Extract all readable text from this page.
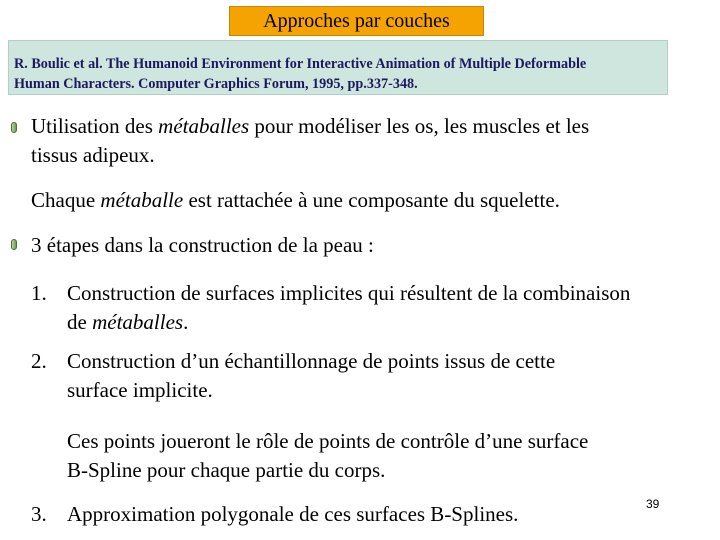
Approches par couches
R. Boulic et al. The Humanoid Environment for Interactive Animation of Multiple Deformable
Human Characters. Computer Graphics Forum, 1995, pp.337-348.
Utilisation des métaballes pour modéliser les os, les muscles et les
tissus adipeux.
Chaque métaballe est rattachée à une composante du squelette.
3 étapes dans la construction de la peau :
1. Construction de surfaces implicites qui résultent de la combinaison
de métaballes.
2. Construction d’un échantillonnage de points issus de cette
surface implicite.
Ces points joueront le rôle de points de contrôle d’une surface
B-Spline pour chaque partie du corps.
3. Approximation polygonale de ces surfaces B-Splines.	39
